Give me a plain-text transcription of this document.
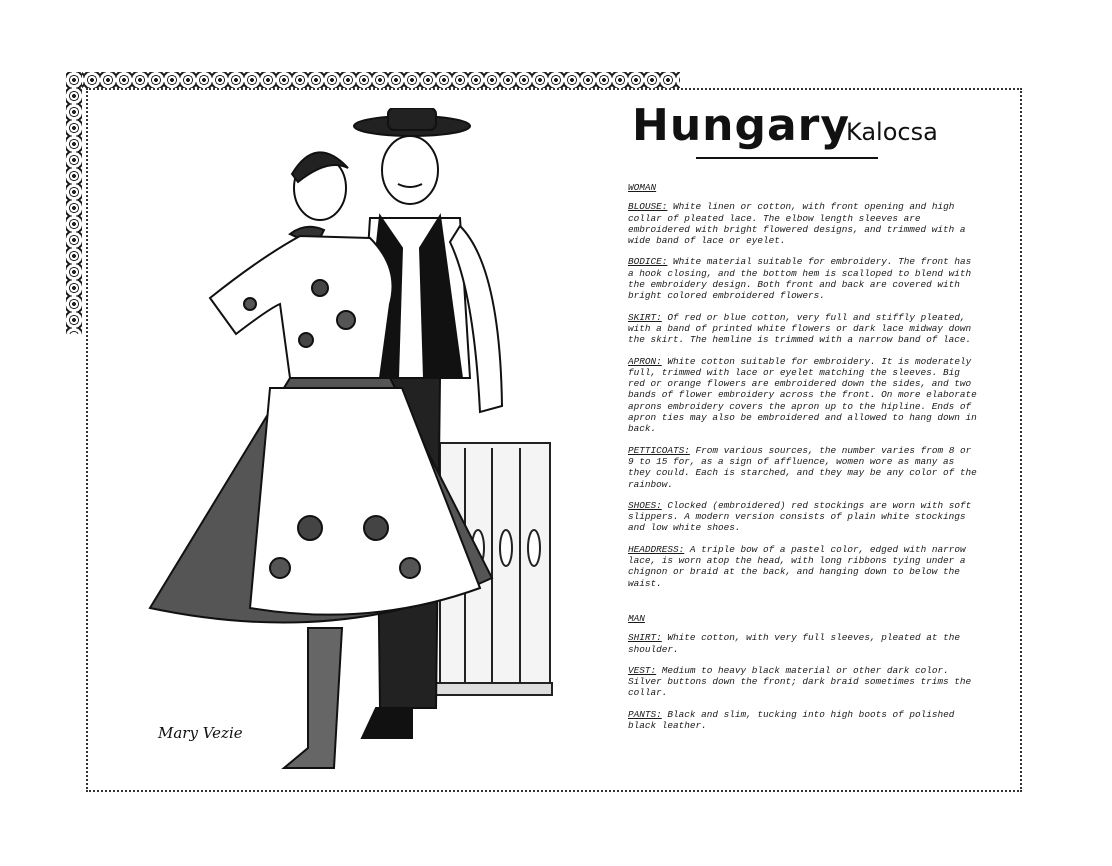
Mary Vezie
Hungary
Kalocsa
WOMAN
BLOUSE: White linen or cotton, with front opening and high collar of pleated lace. The elbow length sleeves are embroidered with bright flowered designs, and trimmed with a wide band of lace or eyelet.
BODICE: White material suitable for embroidery. The front has a hook closing, and the bottom hem is scalloped to blend with the embroidery design. Both front and back are covered with bright colored embroidered flowers.
SKIRT: Of red or blue cotton, very full and stiffly pleated, with a band of printed white flowers or dark lace midway down the skirt. The hemline is trimmed with a narrow band of lace.
APRON: White cotton suitable for embroidery. It is moderately full, trimmed with lace or eyelet matching the sleeves. Big red or orange flowers are embroidered down the sides, and two bands of flower embroidery across the front. On more elaborate aprons embroidery covers the apron up to the hipline. Ends of apron ties may also be embroidered and allowed to hang down in back.
PETTICOATS: From various sources, the number varies from 8 or 9 to 15 for, as a sign of affluence, women wore as many as they could. Each is starched, and they may be any color of the rainbow.
SHOES: Clocked (embroidered) red stockings are worn with soft slippers. A modern version consists of plain white stockings and low white shoes.
HEADDRESS: A triple bow of a pastel color, edged with narrow lace, is worn atop the head, with long ribbons tying under a chignon or braid at the back, and hanging down to below the waist.
MAN
SHIRT: White cotton, with very full sleeves, pleated at the shoulder.
VEST: Medium to heavy black material or other dark color. Silver buttons down the front; dark braid sometimes trims the collar.
PANTS: Black and slim, tucking into high boots of polished black leather.
